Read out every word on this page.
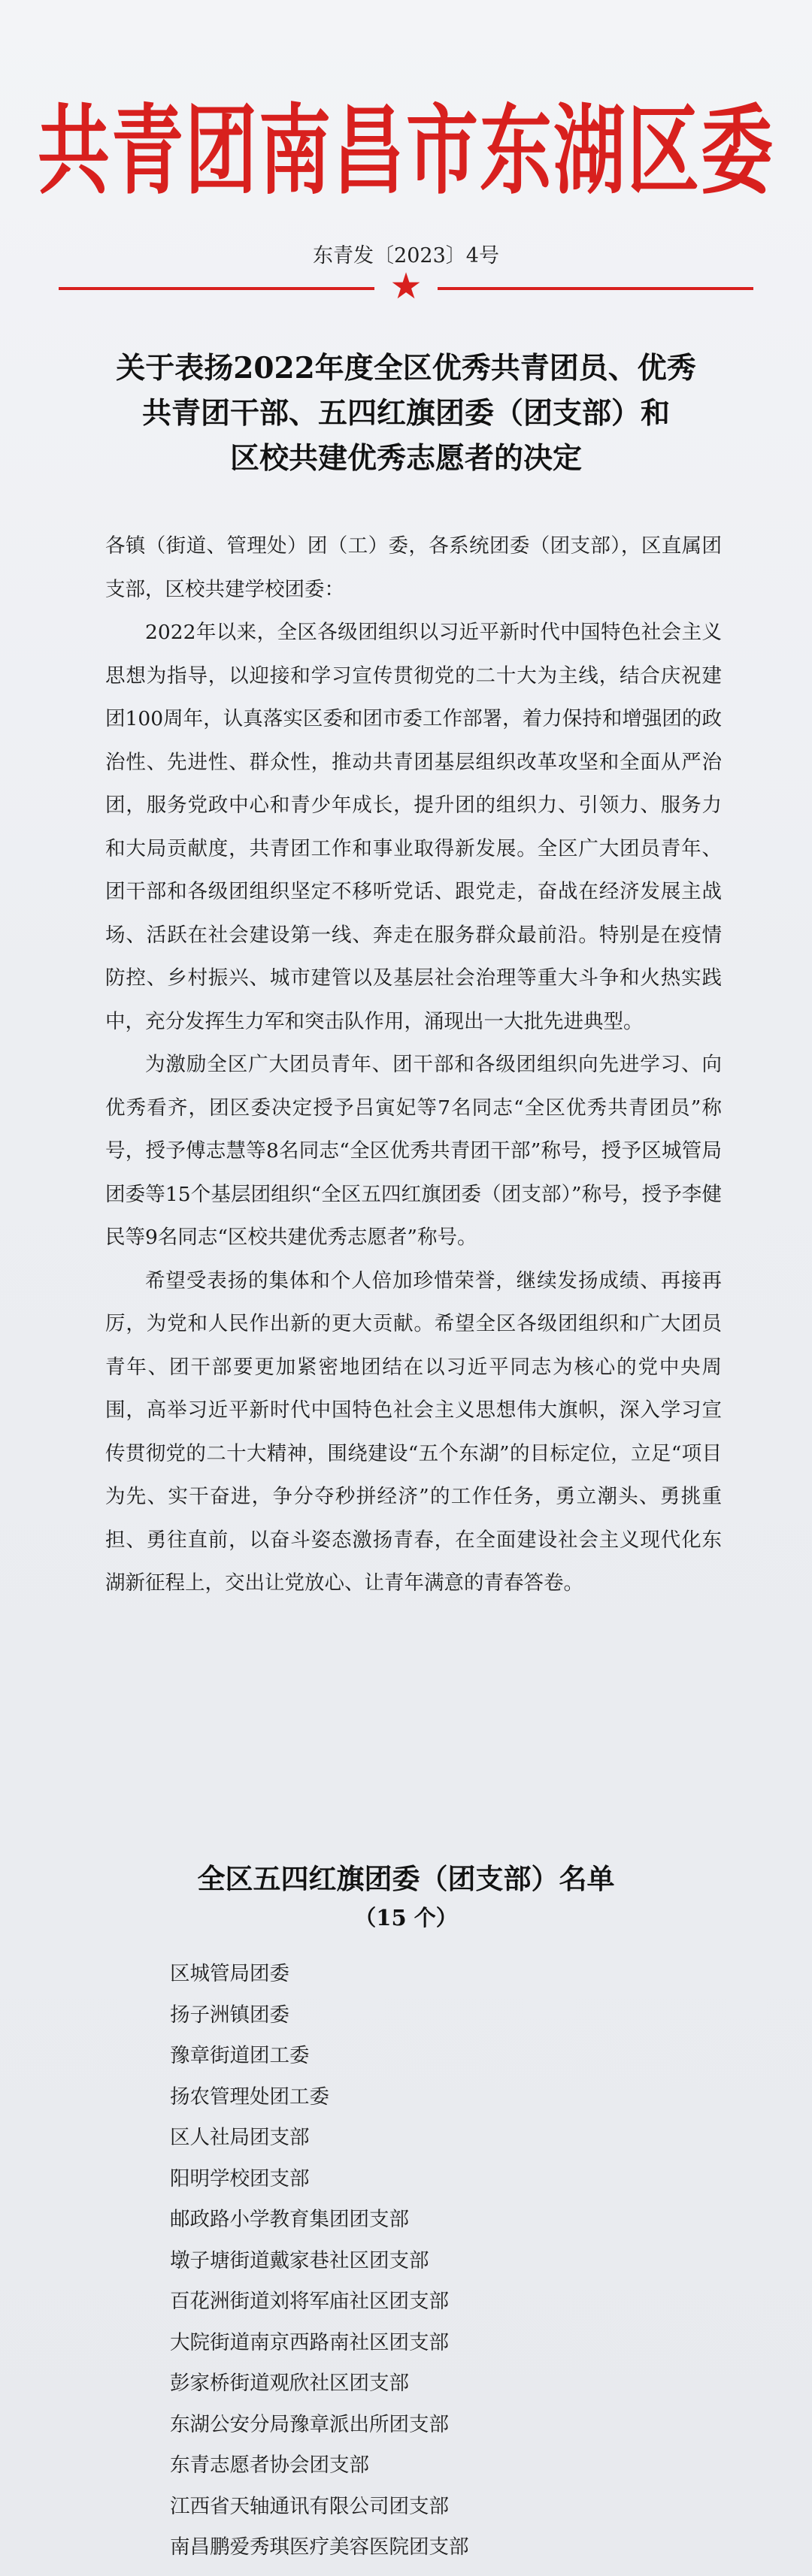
共青团南昌市东湖区委
东青发〔2023〕4号
★
关于表扬2022年度全区优秀共青团员、优秀
共青团干部、五四红旗团委（团支部）和
区校共建优秀志愿者的决定

各镇（街道、管理处）团（工）委，各系统团委（团支部），区直属团支部，区校共建学校团委：

2022年以来，全区各级团组织以习近平新时代中国特色社会主义思想为指导，以迎接和学习宣传贯彻党的二十大为主线，结合庆祝建团100周年，认真落实区委和团市委工作部署，着力保持和增强团的政治性、先进性、群众性，推动共青团基层组织改革攻坚和全面从严治团，服务党政中心和青少年成长，提升团的组织力、引领力、服务力和大局贡献度，共青团工作和事业取得新发展。全区广大团员青年、团干部和各级团组织坚定不移听党话、跟党走，奋战在经济发展主战场、活跃在社会建设第一线、奔走在服务群众最前沿。特别是在疫情防控、乡村振兴、城市建管以及基层社会治理等重大斗争和火热实践中，充分发挥生力军和突击队作用，涌现出一大批先进典型。

为激励全区广大团员青年、团干部和各级团组织向先进学习、向优秀看齐，团区委决定授予吕寅妃等7名同志“全区优秀共青团员”称号，授予傅志慧等8名同志“全区优秀共青团干部”称号，授予区城管局团委等15个基层团组织“全区五四红旗团委（团支部）”称号，授予李健民等9名同志“区校共建优秀志愿者”称号。

希望受表扬的集体和个人倍加珍惜荣誉，继续发扬成绩、再接再厉，为党和人民作出新的更大贡献。希望全区各级团组织和广大团员青年、团干部要更加紧密地团结在以习近平同志为核心的党中央周围，高举习近平新时代中国特色社会主义思想伟大旗帜，深入学习宣传贯彻党的二十大精神，围绕建设“五个东湖”的目标定位，立足“项目为先、实干奋进，争分夺秒拼经济”的工作任务，勇立潮头、勇挑重担、勇往直前，以奋斗姿态激扬青春，在全面建设社会主义现代化东湖新征程上，交出让党放心、让青年满意的青春答卷。

全区五四红旗团委（团支部）名单
（15 个）
区城管局团委
扬子洲镇团委
豫章街道团工委
扬农管理处团工委
区人社局团支部
阳明学校团支部
邮政路小学教育集团团支部
墩子塘街道戴家巷社区团支部
百花洲街道刘将军庙社区团支部
大院街道南京西路南社区团支部
彭家桥街道观欣社区团支部
东湖公安分局豫章派出所团支部
东青志愿者协会团支部
江西省天轴通讯有限公司团支部
南昌鹏爱秀琪医疗美容医院团支部
